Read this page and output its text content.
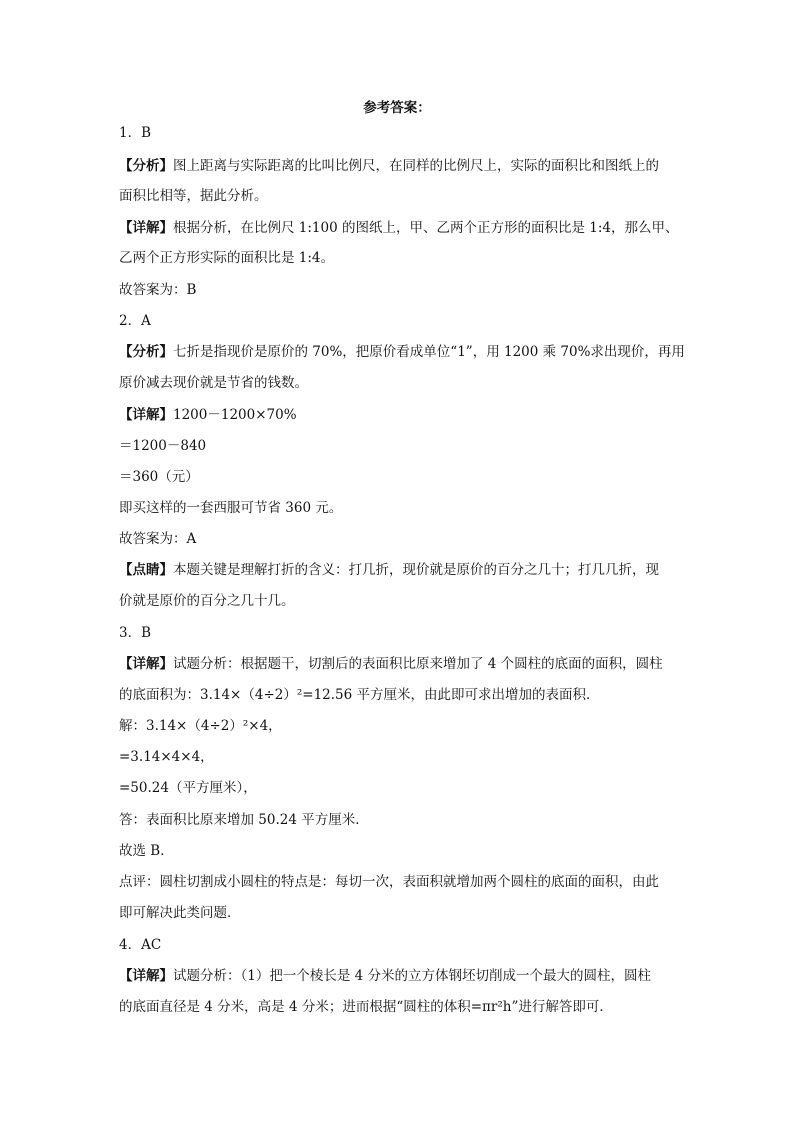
参考答案：
1．B
【分析】图上距离与实际距离的比叫比例尺，在同样的比例尺上，实际的面积比和图纸上的
面积比相等，据此分析。
【详解】根据分析，在比例尺 1:100 的图纸上，甲、乙两个正方形的面积比是 1:4，那么甲、
乙两个正方形实际的面积比是 1:4。
故答案为：B
2．A
【分析】七折是指现价是原价的 70%，把原价看成单位“1”，用 1200 乘 70%求出现价，再用
原价减去现价就是节省的钱数。
【详解】1200－1200×70%
＝1200－840
＝360（元）
即买这样的一套西服可节省 360 元。
故答案为：A
【点睛】本题关键是理解打折的含义：打几折，现价就是原价的百分之几十；打几几折，现
价就是原价的百分之几十几。
3．B
【详解】试题分析：根据题干，切割后的表面积比原来增加了 4 个圆柱的底面的面积，圆柱
的底面积为：3.14×（4÷2）²=12.56 平方厘米，由此即可求出增加的表面积．
解：3.14×（4÷2）²×4，
=3.14×4×4，
=50.24（平方厘米），
答：表面积比原来增加 50.24 平方厘米．
故选 B．
点评：圆柱切割成小圆柱的特点是：每切一次，表面积就增加两个圆柱的底面的面积，由此
即可解决此类问题．
4．AC
【详解】试题分析：（1）把一个棱长是 4 分米的立方体钢坯切削成一个最大的圆柱，圆柱
的底面直径是 4 分米，高是 4 分米；进而根据“圆柱的体积=πr²h”进行解答即可．
